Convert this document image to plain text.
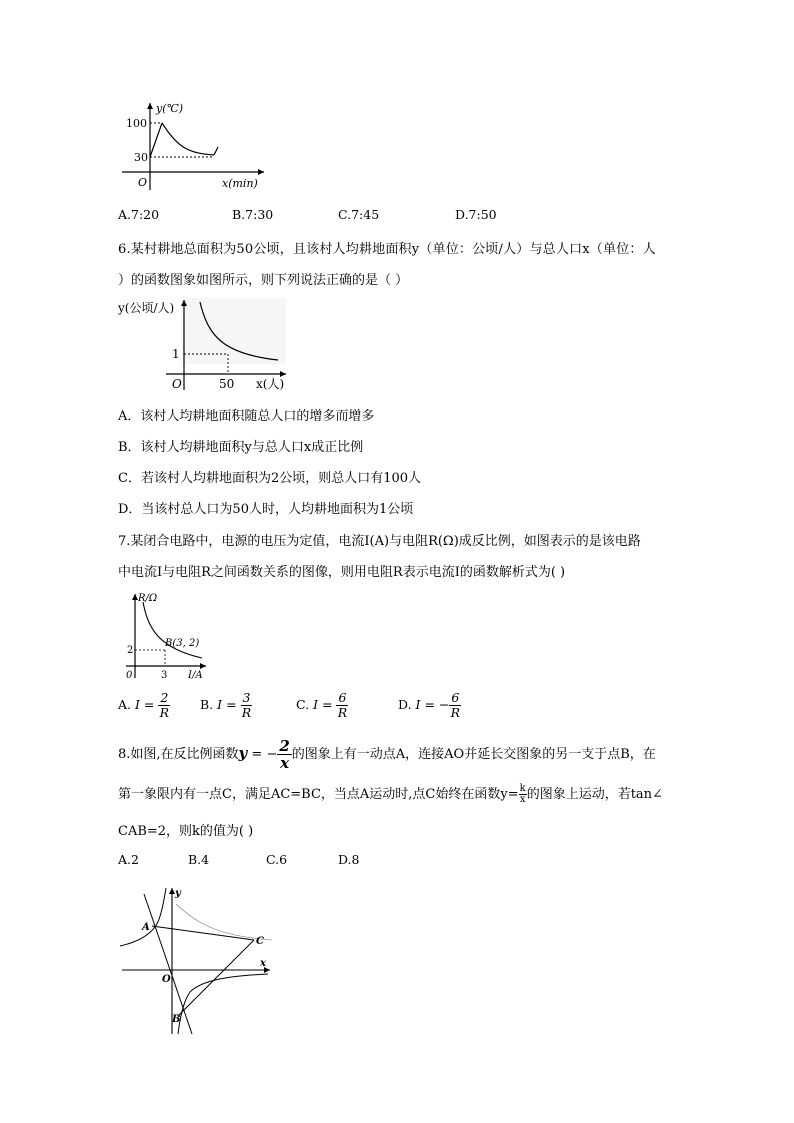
y(℃)
100
30
O	x(min)
A.7:20	B.7:30	C.7:45	D.7:50
6.某村耕地总面积为50公顷，且该村人均耕地面积y（单位：公顷/人）与总人口x（单位：人
）的函数图象如图所示，则下列说法正确的是（ ）
y(公顷/人)
1
O	50 x(人)
A．该村人均耕地面积随总人口的增多而增多
B．该村人均耕地面积y与总人口x成正比例
C．若该村人均耕地面积为2公顷，则总人口有100人
D．当该村总人口为50人时，人均耕地面积为1公顷
7.某闭合电路中，电源的电压为定值，电流I(A)与电阻R(Ω)成反比例，如图表示的是该电路
中电流I与电阻R之间函数关系的图像，则用电阻R表示电流I的函数解析式为( )
R/Ω
B(3, 2)
2
0	3 I/A
A. $I = \frac{2}{R} B$. $I = \frac{3}{R}$	C. $I = \frac{6}{R}$	D. I = − $\frac{6}{R}$
8.如图,在反比例函数y = − $\frac{2}{x}$ 的图象上有一动点A，连接AO并延长交图象的另一支于点B，在
第一象限内有一点C，满足AC=BC，当点A运动时,点C始终在函数$y= \frac{k}{x}$ 的图象上运动，若tan∠
CAB=2，则k的值为( )
A.2	B.4	C.6	D.8
A
C
O
B
x
y
